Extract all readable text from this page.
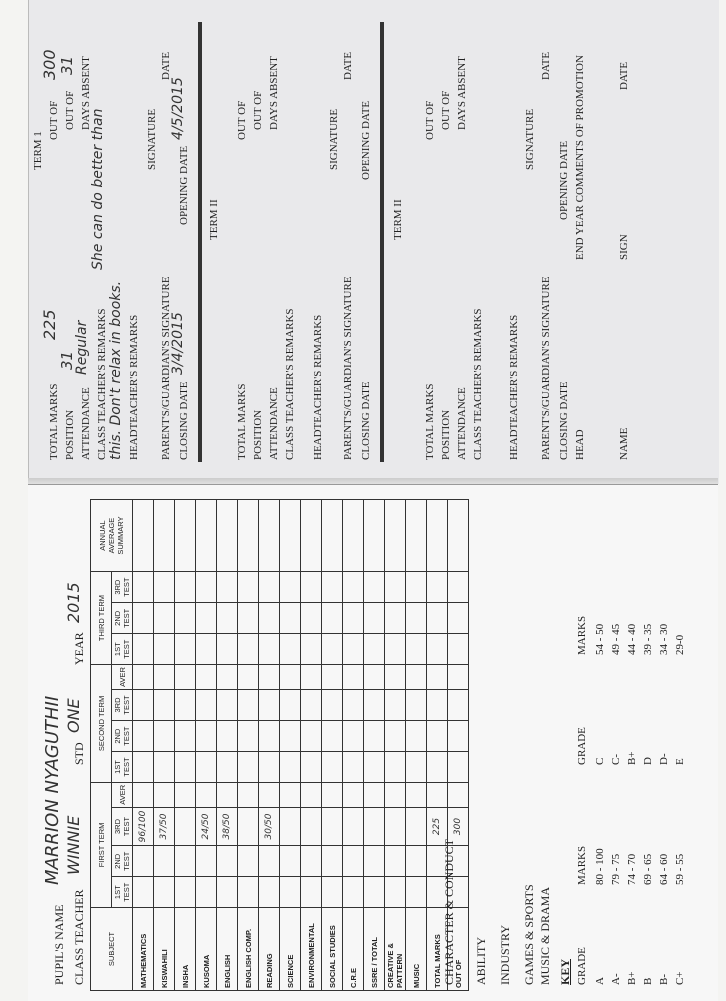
TERM 1
TOTAL MARKS
225
OUT OF
300
POSITION
31
OUT OF
31
ATTENDANCE
Regular
DAYS ABSENT
CLASS TEACHER'S REMARKS
She can do better than
this. Don't relax in books. HEADTEACHER'S REMARKS
SIGNATURE
PARENT'S/GUARDIAN'S SIGNATURE
DATE
CLOSING DATE
3/4/2015
OPENING DATE
4/5/2015
TERM II
TOTAL MARKS
OUT OF
POSITION
OUT OF
ATTENDANCE
DAYS ABSENT
CLASS TEACHER'S REMARKS HEADTEACHER'S REMARKS
SIGNATURE
PARENT'S/GUARDIAN'S SIGNATURE
DATE
CLOSING DATE
OPENING DATE
TERM II
TOTAL MARKS
OUT OF
POSITION
OUT OF
ATTENDANCE
DAYS ABSENT
CLASS TEACHER'S REMARKS HEADTEACHER'S REMARKS
SIGNATURE
PARENT'S/GUARDIAN'S SIGNATURE
DATE
CLOSING DATE
OPENING DATE
HEAD
END YEAR COMMENTS OF PROMOTION
NAME
SIGN
DATE
PUPIL'S NAME
MARRION NYAGUTHII
CLASS TEACHER
WINNIE
STD
ONE
YEAR
2015
SUBJECT	FIRST TERM				SECOND TERM				THIRD TERM			ANNUAL AVERAGE SUMMARY
	1ST TEST	2ND TEST	3RD TEST	AVER	1ST TEST	2ND TEST	3RD TEST	AVER	1ST TEST	2ND TEST	3RD TEST	
MATHEMATICS			96/100									
KISWAHILI			37/50									
INSHA												
KUSOMA			24/50									
ENGLISH			38/50									
ENGLISH COMP.												
READING			30/50									
SCIENCE												
ENVIRONMENTAL												
SOCIAL STUDIES												
C.R.E												
SSRE / TOTAL												
CREATIVE & PATTERN												
MUSIC												
TOTAL MARKS			225									
OUT OF			300									
CHARACTER & CONDUCT ABILITY INDUSTRY GAMES & SPORTS MUSIC & DRAMA KEY GRADE
MARKS
GRADE
MARKS
A
80 - 100
A-
79 - 75
B+
74 - 70
B
69 - 65
B-
64 - 60
C+
59 - 55
C
54 - 50
C-
49 - 45
B+
44 - 40
D
39 - 35
D-
34 - 30
E
29-0
